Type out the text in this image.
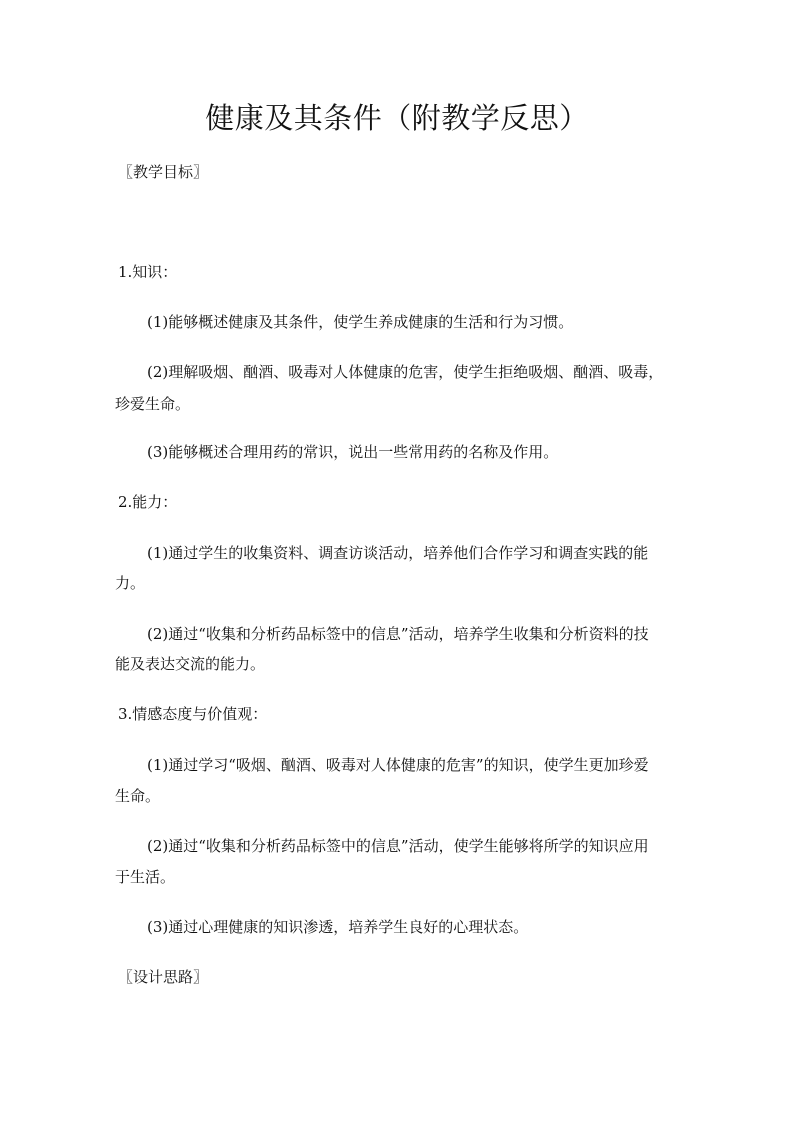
健康及其条件（附教学反思）

〖教学目标〗

1.知识：

(1)能够概述健康及其条件，使学生养成健康的生活和行为习惯。

(2)理解吸烟、酗酒、吸毒对人体健康的危害，使学生拒绝吸烟、酗酒、吸毒，

珍爱生命。

(3)能够概述合理用药的常识，说出一些常用药的名称及作用。

2.能力：

(1)通过学生的收集资料、调查访谈活动，培养他们合作学习和调查实践的能

力。

(2)通过“收集和分析药品标签中的信息”活动，培养学生收集和分析资料的技

能及表达交流的能力。

3.情感态度与价值观：

(1)通过学习“吸烟、酗酒、吸毒对人体健康的危害”的知识，使学生更加珍爱

生命。

(2)通过“收集和分析药品标签中的信息”活动，使学生能够将所学的知识应用

于生活。

(3)通过心理健康的知识渗透，培养学生良好的心理状态。

〖设计思路〗
